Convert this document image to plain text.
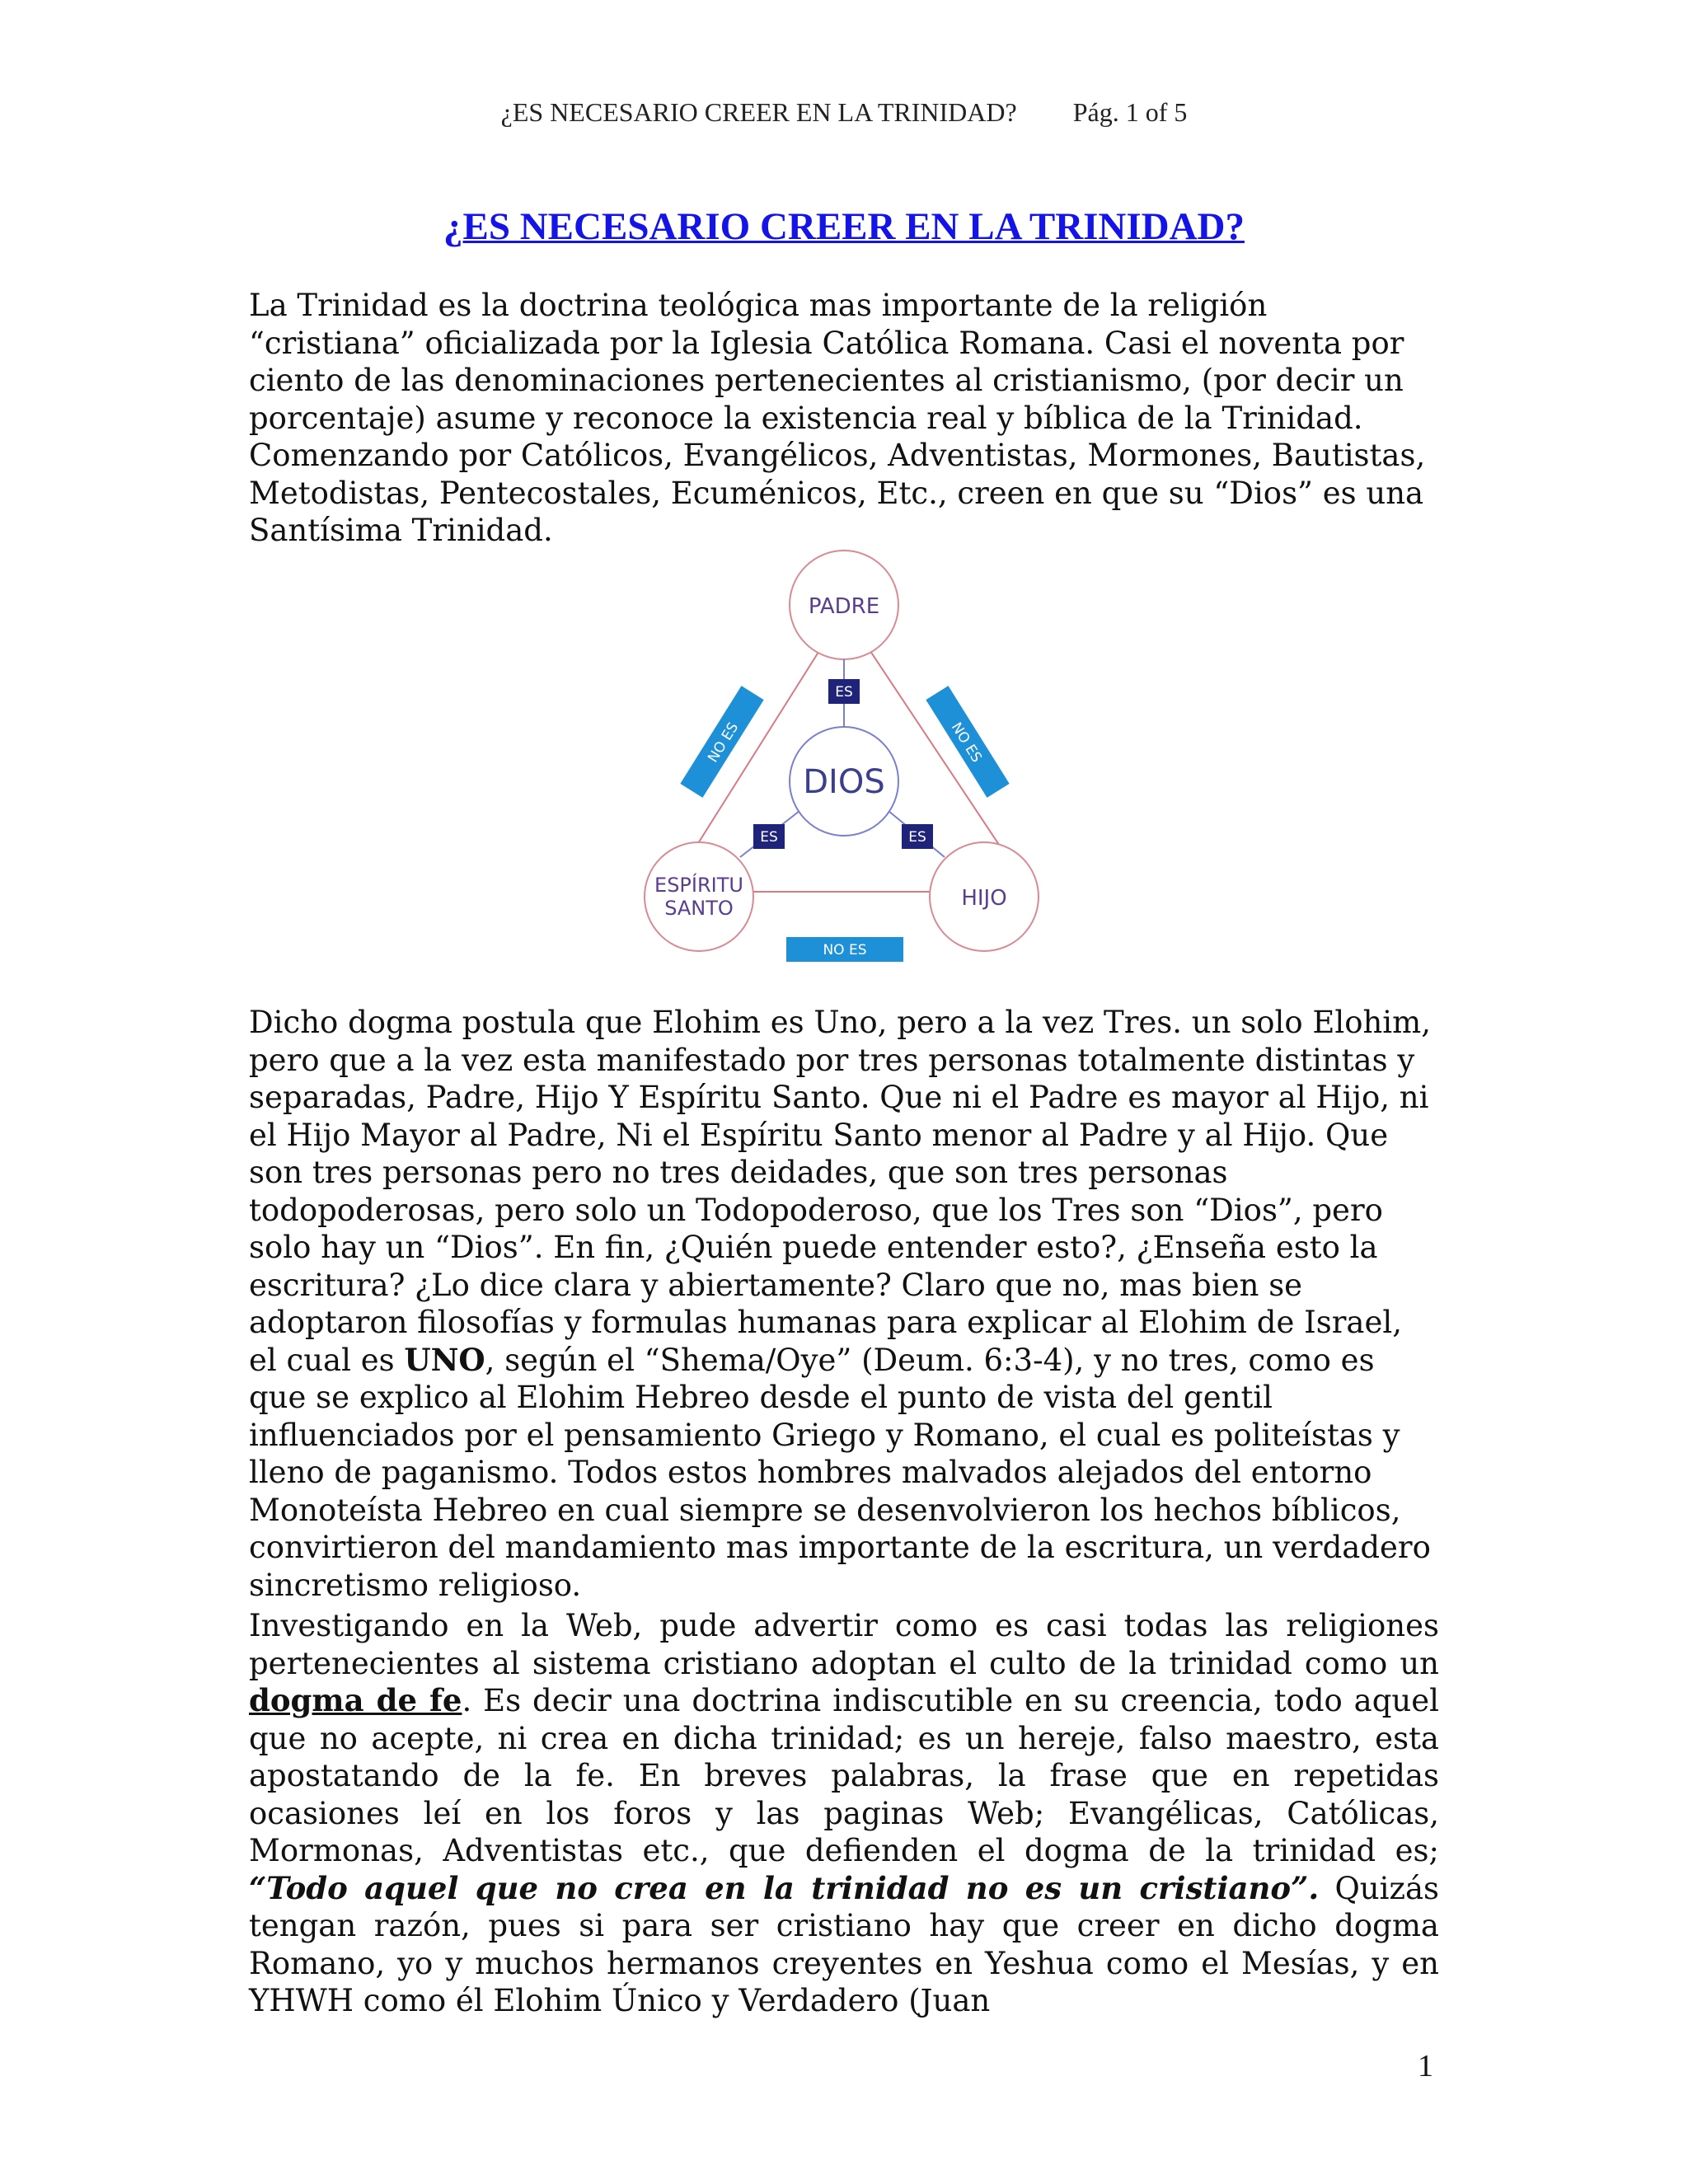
¿ES NECESARIO CREER EN LA TRINIDAD? Pág. 1 of 5
¿ES NECESARIO CREER EN LA TRINIDAD?
La Trinidad es la doctrina teológica mas importante de la religión “cristiana” oficializada por la Iglesia Católica Romana. Casi el noventa por ciento de las denominaciones pertenecientes al cristianismo, (por decir un porcentaje) asume y reconoce la existencia real y bíblica de la Trinidad. Comenzando por Católicos, Evangélicos, Adventistas, Mormones, Bautistas, Metodistas, Pentecostales, Ecuménicos, Etc., creen en que su “Dios” es una Santísima Trinidad.
ES
ES	ES
NO ES	NO ES
NO ES
PADRE
DIOS
HIJO
ESPÍRITU
SANTO
Dicho dogma postula que Elohim es Uno, pero a la vez Tres. un solo Elohim, pero que a la vez esta manifestado por tres personas totalmente distintas y separadas, Padre, Hijo Y Espíritu Santo. Que ni el Padre es mayor al Hijo, ni el Hijo Mayor al Padre, Ni el Espíritu Santo menor al Padre y al Hijo. Que son tres personas pero no tres deidades, que son tres personas todopoderosas, pero solo un Todopoderoso, que los Tres son “Dios”, pero solo hay un “Dios”. En fin, ¿Quién puede entender esto?, ¿Enseña esto la escritura? ¿Lo dice clara y abiertamente? Claro que no, mas bien se adoptaron filosofías y formulas humanas para explicar al Elohim de Israel, el cual es UNO, según el “Shema/Oye” (Deum. 6:3-4), y no tres, como es que se explico al Elohim Hebreo desde el punto de vista del gentil influenciados por el pensamiento Griego y Romano, el cual es politeístas y lleno de paganismo. Todos estos hombres malvados alejados del entorno Monoteísta Hebreo en cual siempre se desenvolvieron los hechos bíblicos, convirtieron del mandamiento mas importante de la escritura, un verdadero sincretismo religioso.
Investigando en la Web, pude advertir como es casi todas las religiones pertenecientes al sistema cristiano adoptan el culto de la trinidad como un dogma de fe. Es decir una doctrina indiscutible en su creencia, todo aquel que no acepte, ni crea en dicha trinidad; es un hereje, falso maestro, esta apostatando de la fe. En breves palabras, la frase que en repetidas ocasiones leí en los foros y las paginas Web; Evangélicas, Católicas, Mormonas, Adventistas etc., que defienden el dogma de la trinidad es; “Todo aquel que no crea en la trinidad no es un cristiano”. Quizás tengan razón, pues si para ser cristiano hay que creer en dicho dogma Romano, yo y muchos hermanos creyentes en Yeshua como el Mesías, y en YHWH como él Elohim Único y Verdadero (Juan
1
